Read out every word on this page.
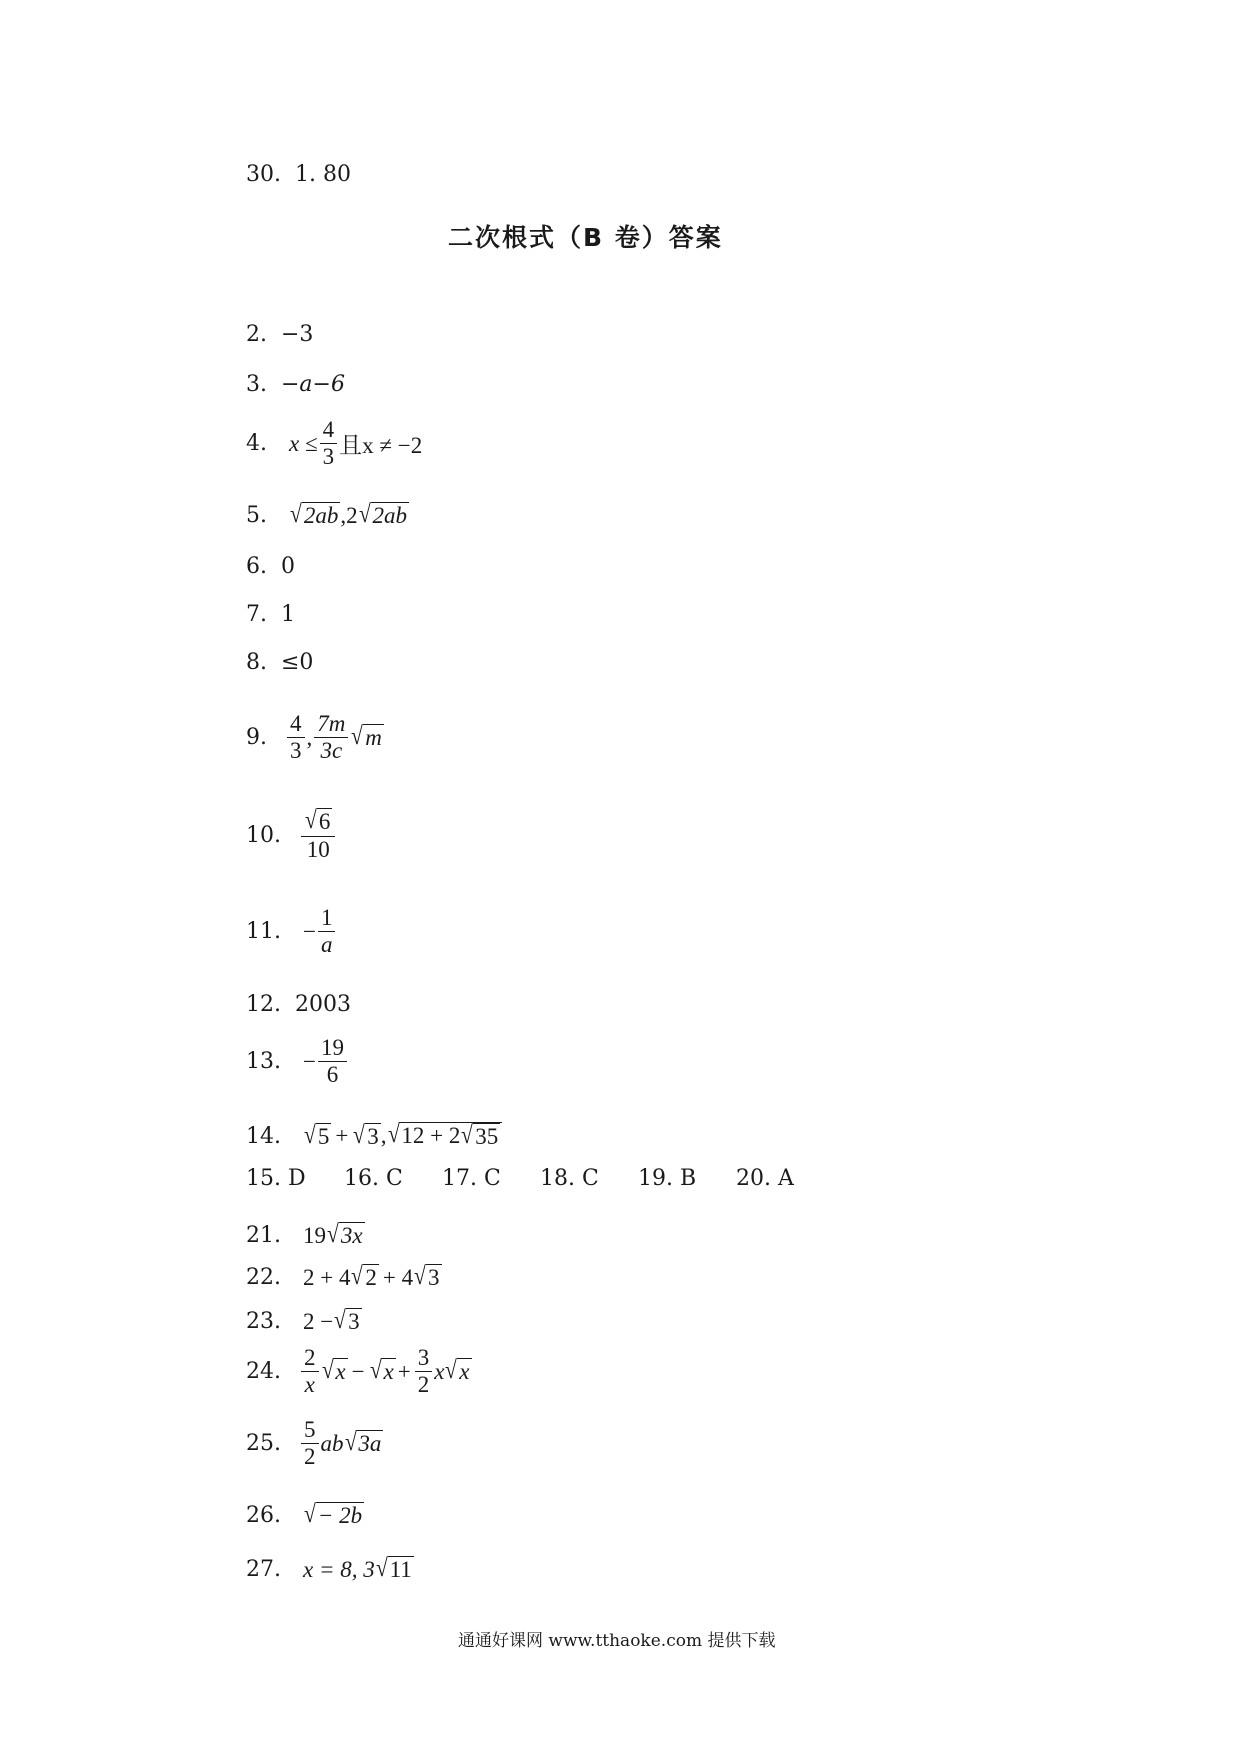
30. 1. 80
二次根式（B 卷）答案
2. −3
3. −a−6
4. $x \le \frac{4}{3}$ 且x ≠ −2
5. √ 2ab ,2 √ 2ab
6. 0
7. 1
8. ≤0
9. $\frac{4}{3}$ , $\frac{7m}{3c}$ √ m
10. $\frac{√ 6}{10}$
11. − $\frac{1}{a}$
12. 2003
13. − $\frac{19}{6}$
14. √ 5 + √ 3 , √ 12 + 2 √ 35
15. D 16. C 17. C 18. C 19. B 20. A
21. 19 √ 3x
22. 2 + 4 √ 2 + 4 √ 3
23. 2 − √ 3
24. $\frac{2}{x}$ √ x − √ $x + \frac{3}{2}$ x √ x
25. $\frac{5}{2}$ ab √ 3a
26. √ − 2b
27. x = 8, 3 √ 11
通通好课网 www.tthaoke.com 提供下载
